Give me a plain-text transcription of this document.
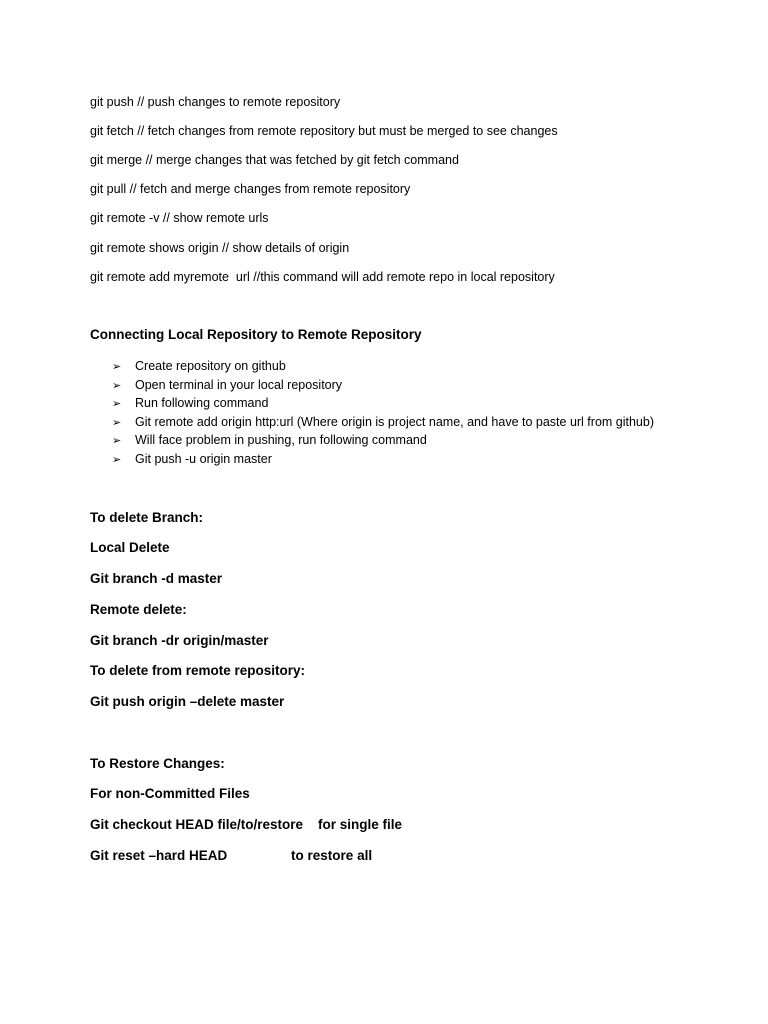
git push // push changes to remote repository
git fetch // fetch changes from remote repository but must be merged to see changes
git merge // merge changes that was fetched by git fetch command
git pull // fetch and merge changes from remote repository
git remote -v // show remote urls
git remote shows origin // show details of origin
git remote add myremote  url //this command will add remote repo in local repository
Connecting Local Repository to Remote Repository
➢ Create repository on github
➢ Open terminal in your local repository
➢ Run following command
➢ Git remote add origin http:url (Where origin is project name, and have to paste url from github)
➢ Will face problem in pushing, run following command
➢ Git push -u origin master
To delete Branch:
Local Delete
Git branch -d master
Remote delete:
Git branch -dr origin/master
To delete from remote repository:
Git push origin –delete master
To Restore Changes:
For non-Committed Files
Git checkout HEAD file/to/restore    for single file
Git reset –hard HEAD                 to restore all
